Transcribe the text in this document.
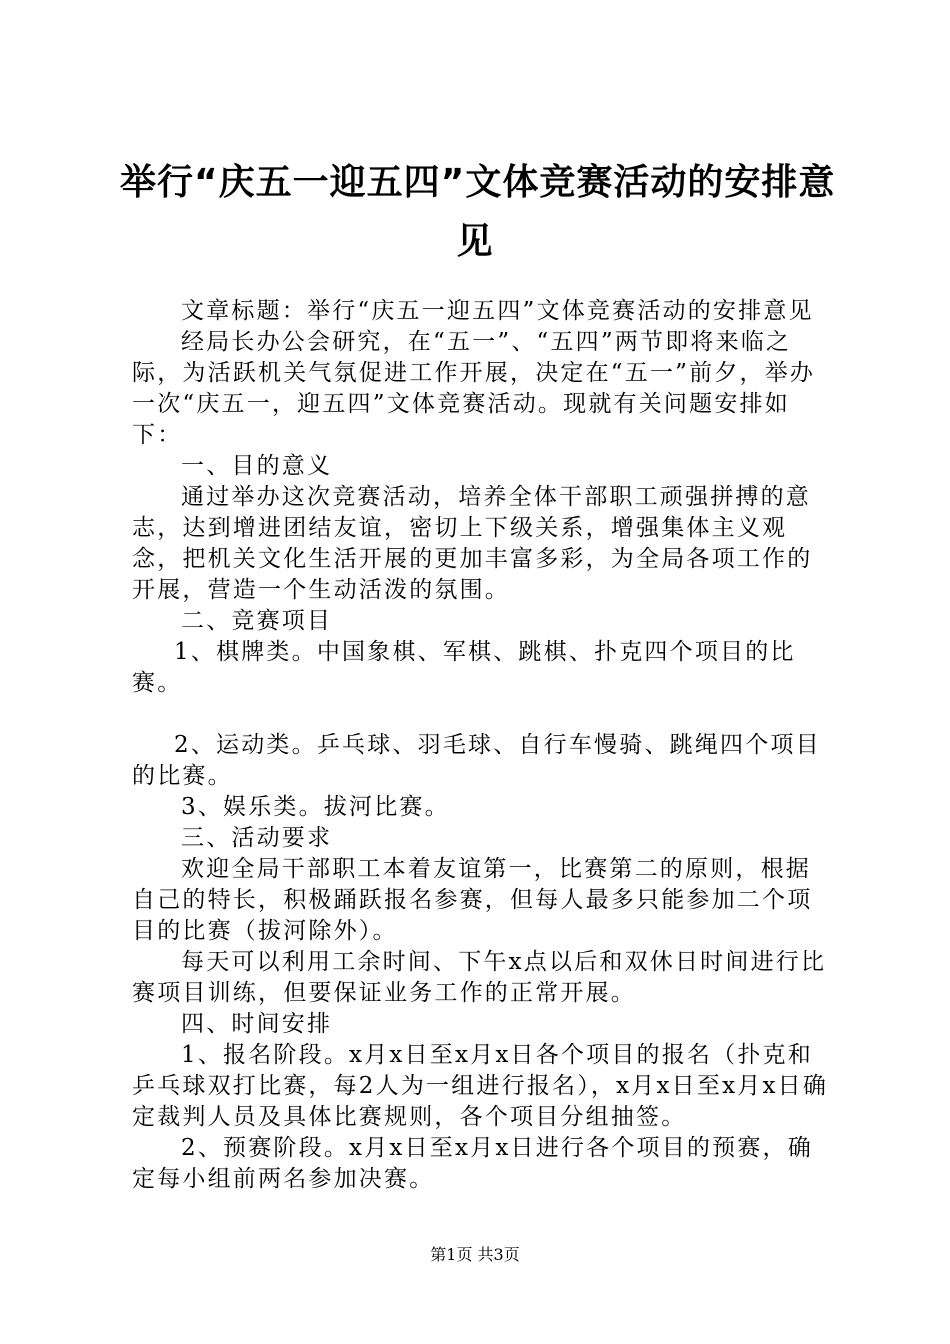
举行“庆五一迎五四”文体竞赛活动的安排意
见

文章标题：举行“庆五一迎五四”文体竞赛活动的安排意见

经局长办公会研究，在“五一”、“五四”两节即将来临之际，为活跃机关气氛促进工作开展，决定在“五一”前夕，举办一次“庆五一，迎五四”文体竞赛活动。现就有关问题安排如下：

一、目的意义

通过举办这次竞赛活动，培养全体干部职工顽强拼搏的意志，达到增进团结友谊，密切上下级关系，增强集体主义观念，把机关文化生活开展的更加丰富多彩，为全局各项工作的开展，营造一个生动活泼的氛围。

二、竞赛项目

1、棋牌类。中国象棋、军棋、跳棋、扑克四个项目的比赛。

2、运动类。乒乓球、羽毛球、自行车慢骑、跳绳四个项目的比赛。

3、娱乐类。拔河比赛。

三、活动要求

欢迎全局干部职工本着友谊第一，比赛第二的原则，根据自己的特长，积极踊跃报名参赛，但每人最多只能参加二个项目的比赛（拔河除外）。

每天可以利用工余时间、下午x点以后和双休日时间进行比赛项目训练，但要保证业务工作的正常开展。

四、时间安排

1、报名阶段。x月x日至x月x日各个项目的报名（扑克和乒乓球双打比赛，每2人为一组进行报名），x月x日至x月x日确定裁判人员及具体比赛规则，各个项目分组抽签。

2、预赛阶段。x月x日至x月x日进行各个项目的预赛，确定每小组前两名参加决赛。

第1页 共3页
